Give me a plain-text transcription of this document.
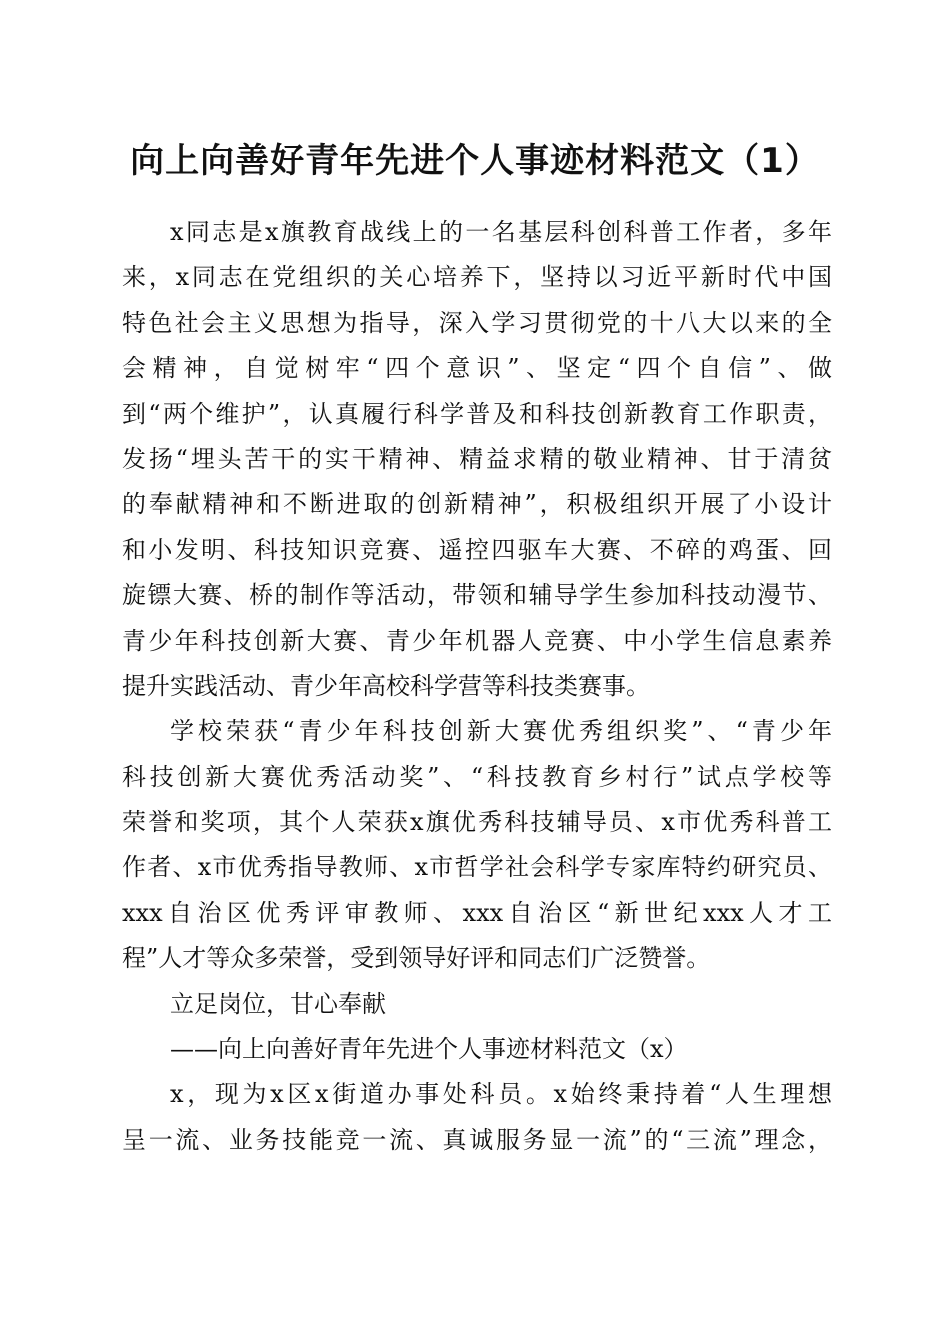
向上向善好青年先进个人事迹材料范文（1）
x同志是x旗教育战线上的一名基层科创科普工作者，多年
来，x同志在党组织的关心培养下，坚持以习近平新时代中国
特色社会主义思想为指导，深入学习贯彻党的十八大以来的全
会精神，自觉树牢“四个意识”、坚定“四个自信”、做
到“两个维护”，认真履行科学普及和科技创新教育工作职责，
发扬“埋头苦干的实干精神、精益求精的敬业精神、甘于清贫
的奉献精神和不断进取的创新精神”，积极组织开展了小设计
和小发明、科技知识竞赛、遥控四驱车大赛、不碎的鸡蛋、回
旋镖大赛、桥的制作等活动，带领和辅导学生参加科技动漫节、
青少年科技创新大赛、青少年机器人竞赛、中小学生信息素养
提升实践活动、青少年高校科学营等科技类赛事。
学校荣获“青少年科技创新大赛优秀组织奖”、“青少年
科技创新大赛优秀活动奖”、“科技教育乡村行”试点学校等
荣誉和奖项，其个人荣获x旗优秀科技辅导员、x市优秀科普工
作者、x市优秀指导教师、x市哲学社会科学专家库特约研究员、
xxx自治区优秀评审教师、xxx自治区“新世纪xxx人才工
程”人才等众多荣誉，受到领导好评和同志们广泛赞誉。
立足岗位，甘心奉献
——向上向善好青年先进个人事迹材料范文（x）
x，现为x区x街道办事处科员。x始终秉持着“人生理想
呈一流、业务技能竞一流、真诚服务显一流”的“三流”理念，
